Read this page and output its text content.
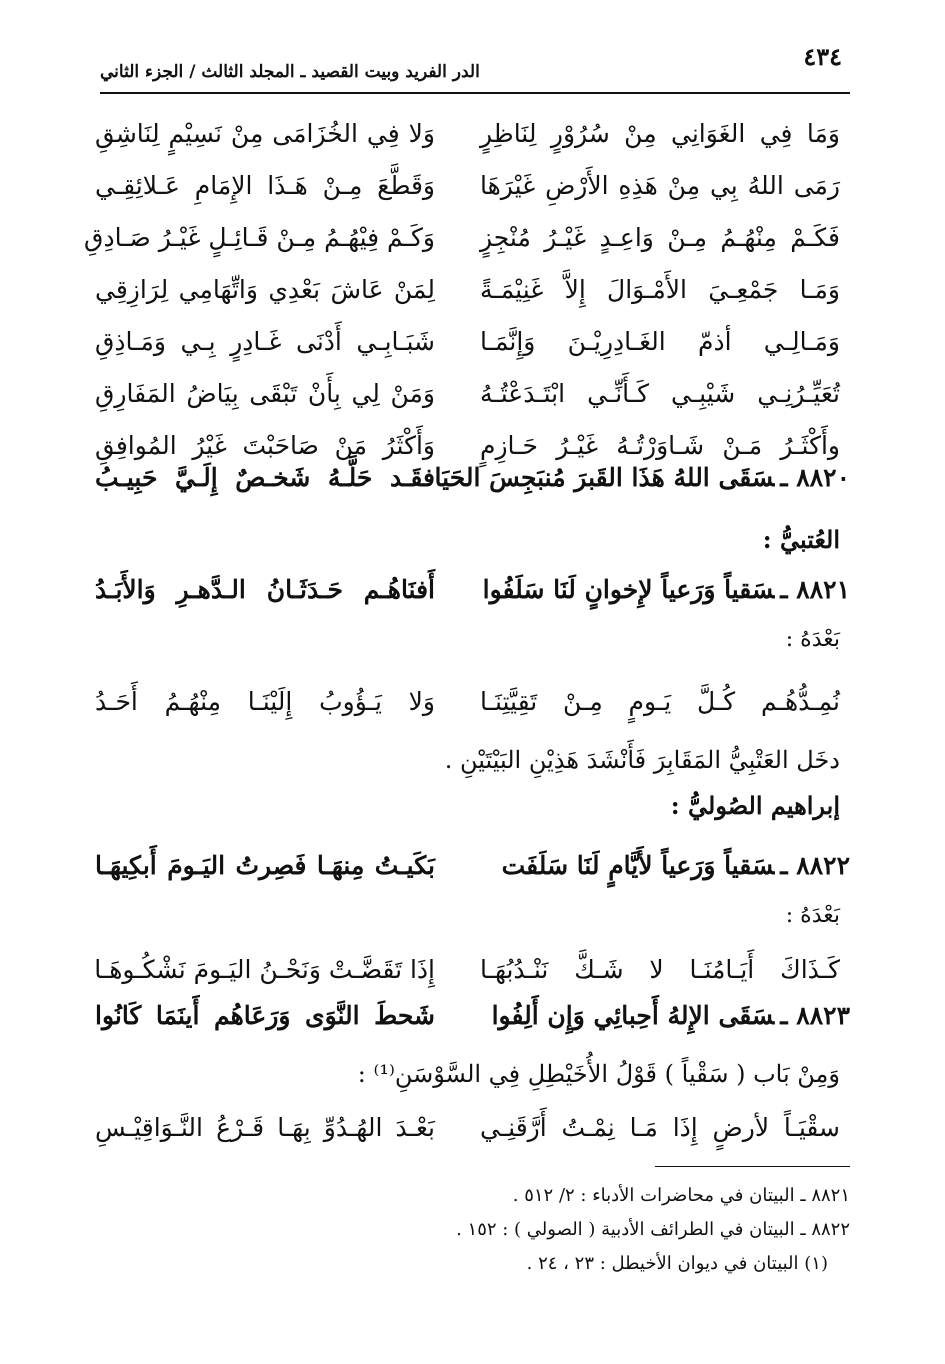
٤٣٤
الدر الفريد وبيت القصيد ـ المجلد الثالث / الجزء الثاني
وَمَا فِي الغَوَانِي مِنْ سُرُوْرٍ لِنَاظِرٍ
وَلا فِي الخُزَامَى مِنْ نَسِيْمٍ لِنَاشِقِ
رَمَى اللهُ بِي مِنْ هَذِهِ الأَرْضِ غَيْرَهَا
وَقَطَّعَ مِـنْ هَـذَا الإِمَامِ عَـلائِقِـي
فَكَـمْ مِنْهُـمُ مِـنْ وَاعِـدٍ غَيْـرُ مُنْجِزٍ
وَكَـمْ فِيْهُـمُ مِـنْ قَـائِـلٍ غَيْـرُ صَـادِقِ
وَمَـا جَمْعِـيَ الأَمْـوَالَ إِلاَّ غَنِيْمَـةً
لِمَنْ عَاشَ بَعْدِي وَاتِّهَامِي لِرَازِقِي
وَمَـالِـي أذمّ الغَـادِرِيْـنَ وَإِنَّمَـا
شَبَـابِـي أَدْنَى غَـادِرٍ بِـي وَمَـاذِقِ
تُعَيِّـرُنِـي شَيْبِـي كَـأَنِّـي ابْتَـدَعْتُـهُ
وَمَنْ لِي بِأَنْ تَبْقَى بِيَاضُ المَفَارِقِ
وأَكْثَـرُ مَـنْ شَـاوَرْتُـهُ غَيْـرُ حَـازِمٍ
وَأَكْثَرُ مَنْ صَاحَبْتَ غَيْرُ المُوافِقِ
٨٨٢٠ ـسَقَى اللهُ هَذَا القَبرَ مُنبَجِسَ الحَيَا
فقَـد حَلَّـهُ شَخـصٌ إِلَـيَّ حَبِيـبُ
العُتبيُّ :
٨٨٢١ ـسَقياً وَرَعياً لإِخوانٍ لَنَا سَلَفُوا
أَفنَاهُـم حَـدَثَـانُ الـدَّهـرِ وَالأَبَـدُ
بَعْدَهُ :
نُمِـدُّهُـم كُـلَّ يَـومٍ مِـنْ تَقِيَّتِنَـا
وَلا يَـؤُوبُ إِلَيْنَـا مِنْهُـمُ أَحَـدُ
دخَل العَتْبِيُّ المَقَابِرَ فَأَنْشَدَ هَذِيْنِ البَيْتَيْنِ .
إبراهيم الصُوليُّ :
٨٨٢٢ ـسَقياً وَرَعياً لأَيَّامٍ لَنَا سَلَفَت
بَكَيـتُ مِنهَـا فَصِرتُ اليَـومَ أَبكِيهَـا
بَعْدَهُ :
كَـذَاكَ أَيَـامُنَـا لا شَـكَّ نَنْـدُبُهَـا
إِذَا تَقَضَّـتْ وَنَحْـنُ اليَـومَ نَشْكُـوهَـا
٨٨٢٣ ـسَقَى الإِلهُ أَحِبائِي وَإِن أَلِفُوا
شَحطَ النَّوَى وَرَعَاهُم أَينَمَا كَانُوا
وَمِنْ بَاب ( سَقْياً ) قَوْلُ الأُخَيْطِلِ فِي السَّوْسَنِ⁽¹⁾ :
سقْيَـاً لأرضٍ إِذَا مَـا نِمْـتُ أَرَّقَنِـي
بَعْـدَ الهُـدُوِّ بِهَـا قَـرْعُ النَّـوَاقِيْـسِ
٨٨٢١ ـ البيتان في محاضرات الأدباء : ٢/ ٥١٢ .
٨٨٢٢ ـ البيتان في الطرائف الأدبية ( الصولي ) : ١٥٢ .
(١) البيتان في ديوان الأخيطل : ٢٣ ، ٢٤ .
